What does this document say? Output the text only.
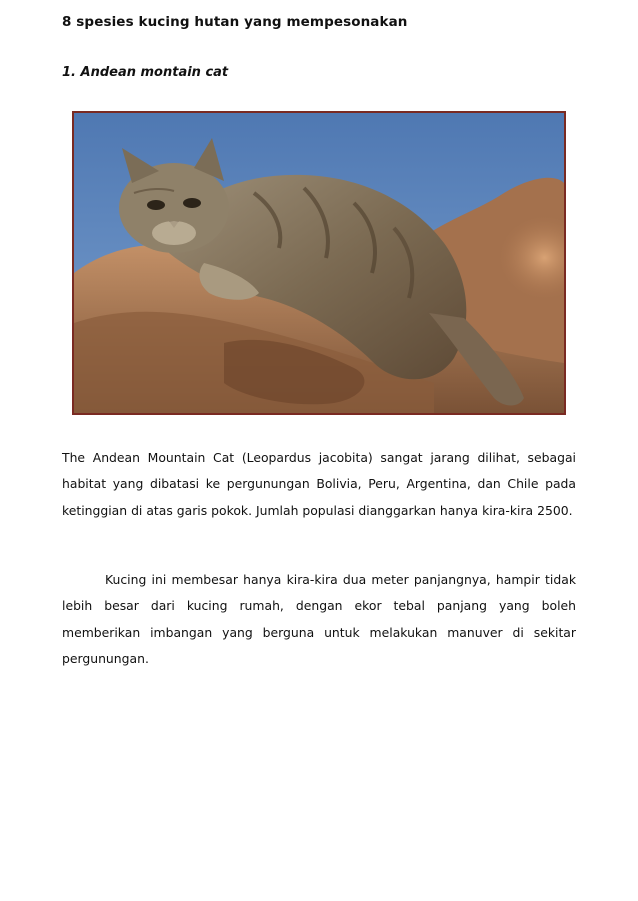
8 spesies kucing hutan yang mempesonakan
1. Andean montain cat

The Andean Mountain Cat (Leopardus jacobita) sangat jarang dilihat, sebagai habitat yang dibatasi ke pergunungan Bolivia, Peru, Argentina, dan Chile pada ketinggian di atas garis pokok. Jumlah populasi dianggarkan hanya kira-kira 2500.

Kucing ini membesar hanya kira-kira dua meter panjangnya, hampir tidak lebih besar dari kucing rumah, dengan ekor tebal panjang yang boleh memberikan imbangan yang berguna untuk melakukan manuver di sekitar pergunungan.
